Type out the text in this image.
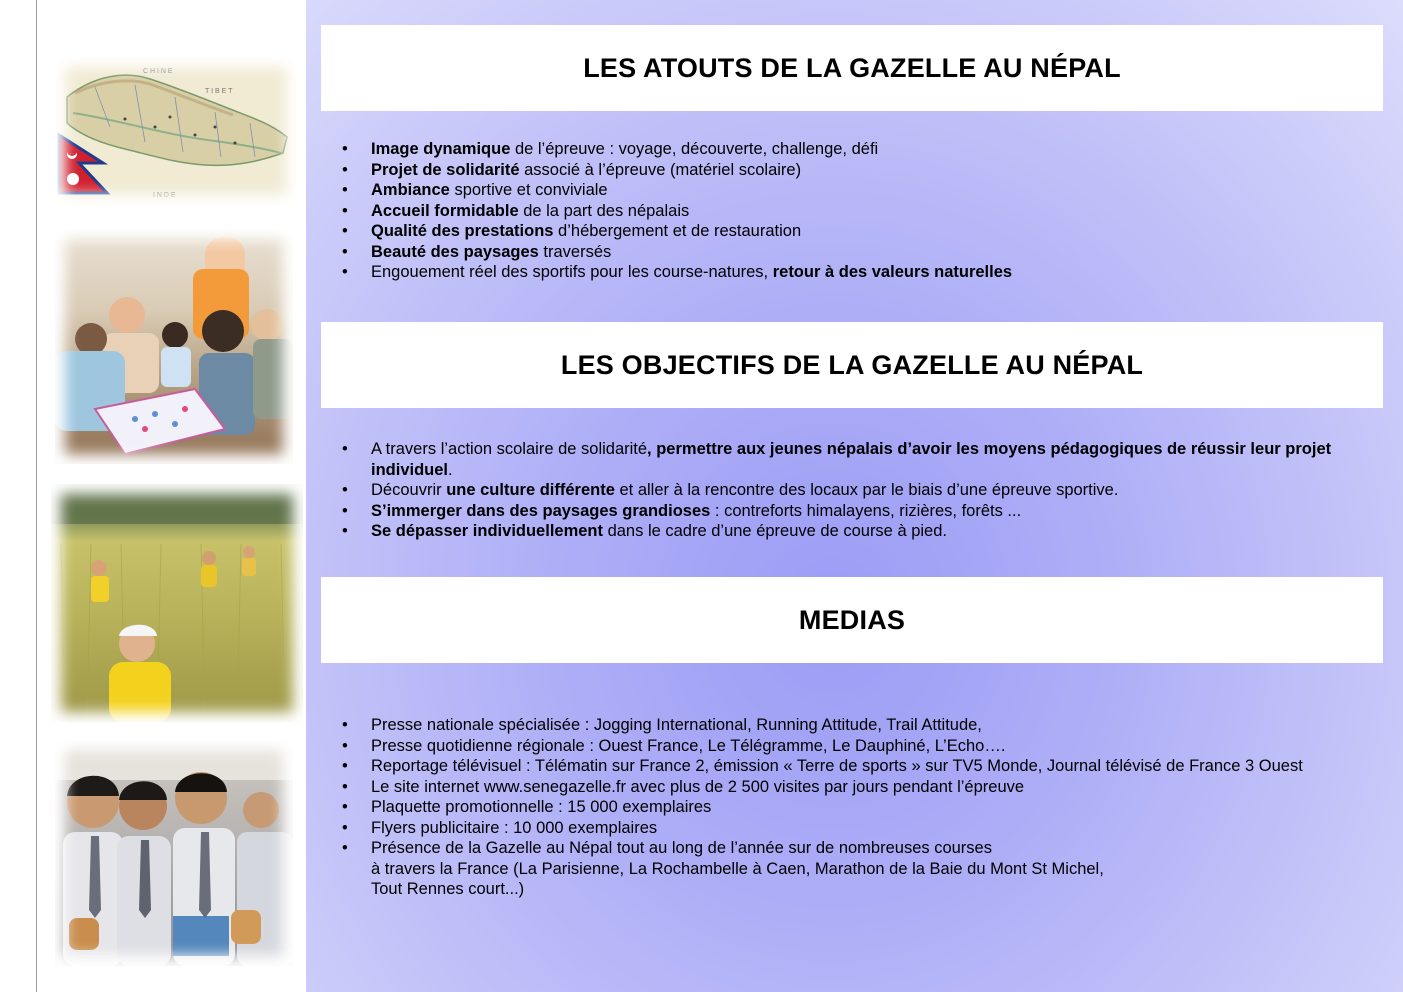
C H I N E
T I B E T
I N D E
LES ATOUTS DE LA GAZELLE AU NÉPAL
• Image dynamique de l’épreuve : voyage, découverte, challenge, défi
• Projet de solidarité associé à l’épreuve (matériel scolaire)
• Ambiance sportive et conviviale
• Accueil formidable de la part des népalais
• Qualité des prestations d’hébergement et de restauration
• Beauté des paysages traversés
• Engouement réel des sportifs pour les course-natures, retour à des valeurs naturelles
LES OBJECTIFS DE LA GAZELLE AU NÉPAL
• A travers l’action scolaire de solidarité, permettre aux jeunes népalais d’avoir les moyens pédagogiques de réussir leur projet individuel.
• Découvrir une culture différente et aller à la rencontre des locaux par le biais d’une épreuve sportive.
• S’immerger dans des paysages grandioses : contreforts himalayens, rizières, forêts ...
• Se dépasser individuellement dans le cadre d’une épreuve de course à pied.
MEDIAS
• Presse nationale spécialisée : Jogging International, Running Attitude, Trail Attitude,
• Presse quotidienne régionale : Ouest France, Le Télégramme, Le Dauphiné, L’Echo….
• Reportage télévisuel : Télématin sur France 2, émission « Terre de sports » sur TV5 Monde, Journal télévisé de France 3 Ouest
• Le site internet www.senegazelle.fr avec plus de 2 500 visites par jours pendant l’épreuve
• Plaquette promotionnelle : 15 000 exemplaires
• Flyers publicitaire : 10 000 exemplaires
• Présence de la Gazelle au Népal tout au long de l’année sur de nombreuses courses
à travers la France (La Parisienne, La Rochambelle à Caen, Marathon de la Baie du Mont St Michel,
Tout Rennes court...)
